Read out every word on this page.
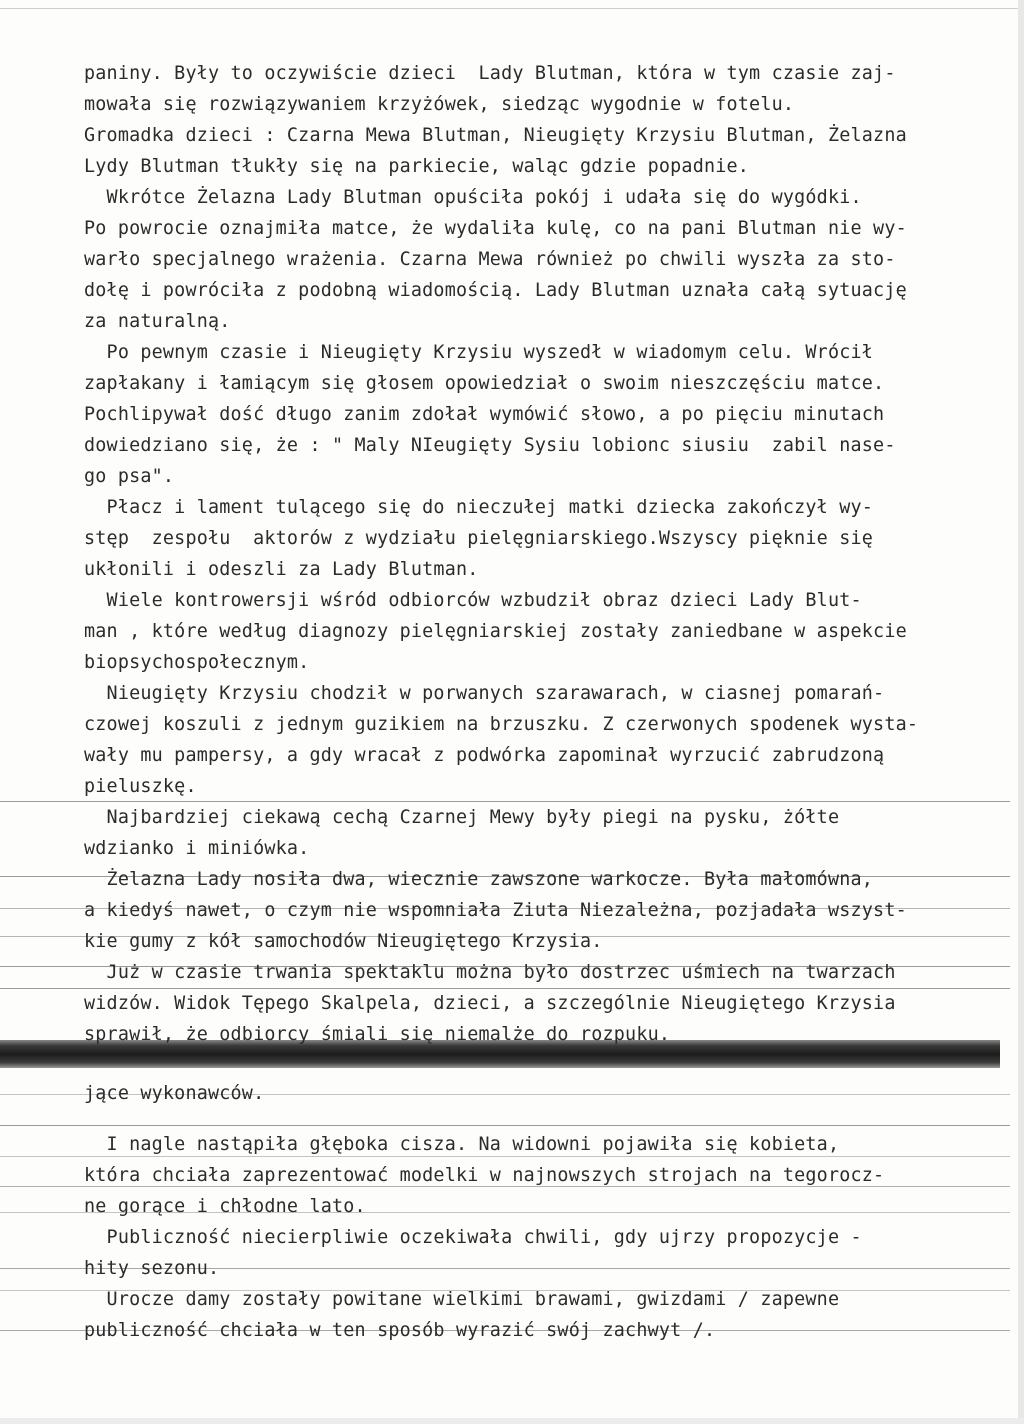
paniny. Były to oczywiście dzieci  Lady Blutman, która w tym czasie zaj-
mowała się rozwiązywaniem krzyżówek, siedząc wygodnie w fotelu.
Gromadka dzieci : Czarna Mewa Blutman, Nieugięty Krzysiu Blutman, Żelazna
Lydy Blutman tłukły się na parkiecie, waląc gdzie popadnie.
Wkrótce Żelazna Lady Blutman opuściła pokój i udała się do wygódki.
Po powrocie oznajmiła matce, że wydaliła kulę, co na pani Blutman nie wy-
warło specjalnego wrażenia. Czarna Mewa również po chwili wyszła za sto-
dołę i powróciła z podobną wiadomością. Lady Blutman uznała całą sytuację
za naturalną.
Po pewnym czasie i Nieugięty Krzysiu wyszedł w wiadomym celu. Wrócił
zapłakany i łamiącym się głosem opowiedział o swoim nieszczęściu matce.
Pochlipywał dość długo zanim zdołał wymówić słowo, a po pięciu minutach
dowiedziano się, że : " Maly NIeugięty Sysiu lobionc siusiu  zabil nase-
go psa".
Płacz i lament tulącego się do nieczułej matki dziecka zakończył wy-
stęp  zespołu  aktorów z wydziału pielęgniarskiego.Wszyscy pięknie się
ukłonili i odeszli za Lady Blutman.
Wiele kontrowersji wśród odbiorców wzbudził obraz dzieci Lady Blut-
man , które według diagnozy pielęgniarskiej zostały zaniedbane w aspekcie
biopsychospołecznym.
Nieugięty Krzysiu chodził w porwanych szarawarach, w ciasnej pomarań-
czowej koszuli z jednym guzikiem na brzuszku. Z czerwonych spodenek wysta-
wały mu pampersy, a gdy wracał z podwórka zapominał wyrzucić zabrudzoną
pieluszkę.
Najbardziej ciekawą cechą Czarnej Mewy były piegi na pysku, żółte
wdzianko i miniówka.
Żelazna Lady nosiła dwa, wiecznie zawszone warkocze. Była małomówna,
a kiedyś nawet, o czym nie wspomniała Ziuta Niezależna, pozjadała wszyst-
kie gumy z kół samochodów Nieugiętego Krzysia.
Już w czasie trwania spektaklu można było dostrzec uśmiech na twarzach
widzów. Widok Tępego Skalpela, dzieci, a szczególnie Nieugiętego Krzysia
sprawił, że odbiorcy śmiali się niemalże do rozpuku.
jące wykonawców.
I nagle nastąpiła głęboka cisza. Na widowni pojawiła się kobieta,
która chciała zaprezentować modelki w najnowszych strojach na tegorocz-
ne gorące i chłodne lato.
Publiczność niecierpliwie oczekiwała chwili, gdy ujrzy propozycje -
hity sezonu.
Urocze damy zostały powitane wielkimi brawami, gwizdami / zapewne
publiczność chciała w ten sposób wyrazić swój zachwyt /.
